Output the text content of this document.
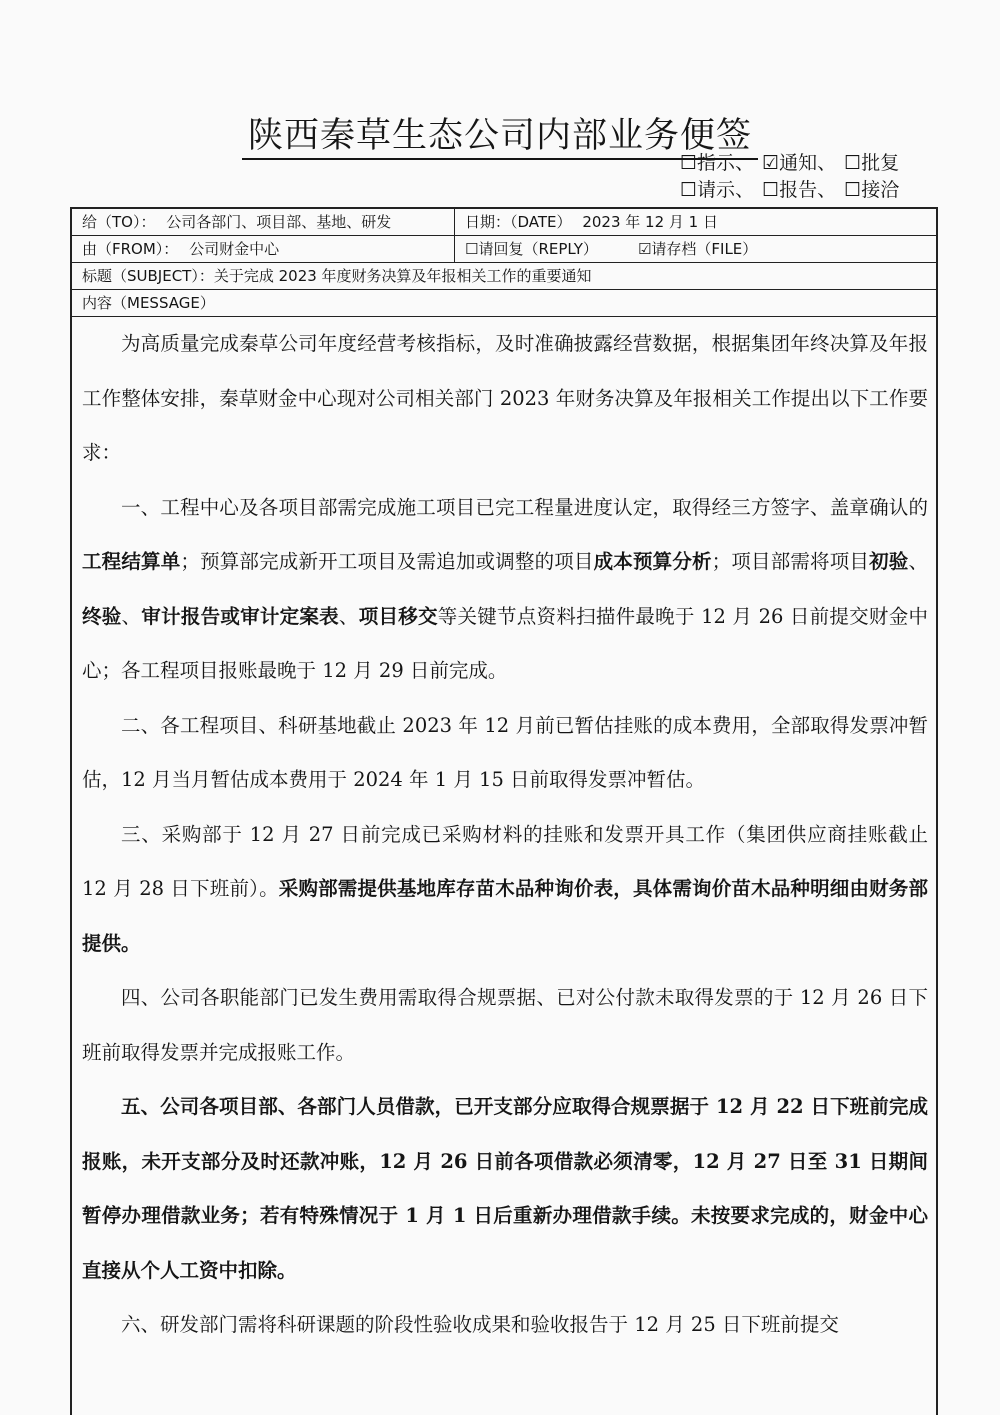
陕西秦草生态公司内部业务便签
☐指示、 ☑通知、 ☐批复
☐请示、 ☐报告、 ☐接洽
给（TO）： 公司各部门、项目部、基地、研发	日期：（DATE） 2023 年 12 月 1 日
由（FROM）： 公司财金中心	☐请回复（REPLY）	☑请存档（FILE）
标题（SUBJECT）：关于完成 2023 年度财务决算及年报相关工作的重要通知
内容（MESSAGE）

为高质量完成秦草公司年度经营考核指标，及时准确披露经营数据，根据集团年终决算及年报工作整体安排，秦草财金中心现对公司相关部门 2023 年财务决算及年报相关工作提出以下工作要求：

一、工程中心及各项目部需完成施工项目已完工程量进度认定，取得经三方签字、盖章确认的工程结算单；预算部完成新开工项目及需追加或调整的项目成本预算分析；项目部需将项目初验、终验、审计报告或审计定案表、项目移交等关键节点资料扫描件最晚于 12 月 26 日前提交财金中心；各工程项目报账最晚于 12 月 29 日前完成。

二、各工程项目、科研基地截止 2023 年 12 月前已暂估挂账的成本费用，全部取得发票冲暂估，12 月当月暂估成本费用于 2024 年 1 月 15 日前取得发票冲暂估。

三、采购部于 12 月 27 日前完成已采购材料的挂账和发票开具工作（集团供应商挂账截止 12 月 28 日下班前）。采购部需提供基地库存苗木品种询价表，具体需询价苗木品种明细由财务部提供。

四、公司各职能部门已发生费用需取得合规票据、已对公付款未取得发票的于 12 月 26 日下班前取得发票并完成报账工作。

五、公司各项目部、各部门人员借款，已开支部分应取得合规票据于 12 月 22 日下班前完成报账，未开支部分及时还款冲账，12 月 26 日前各项借款必须清零，12 月 27 日至 31 日期间暂停办理借款业务；若有特殊情况于 1 月 1 日后重新办理借款手续。未按要求完成的，财金中心直接从个人工资中扣除。

六、研发部门需将科研课题的阶段性验收成果和验收报告于 12 月 25 日下班前提交
